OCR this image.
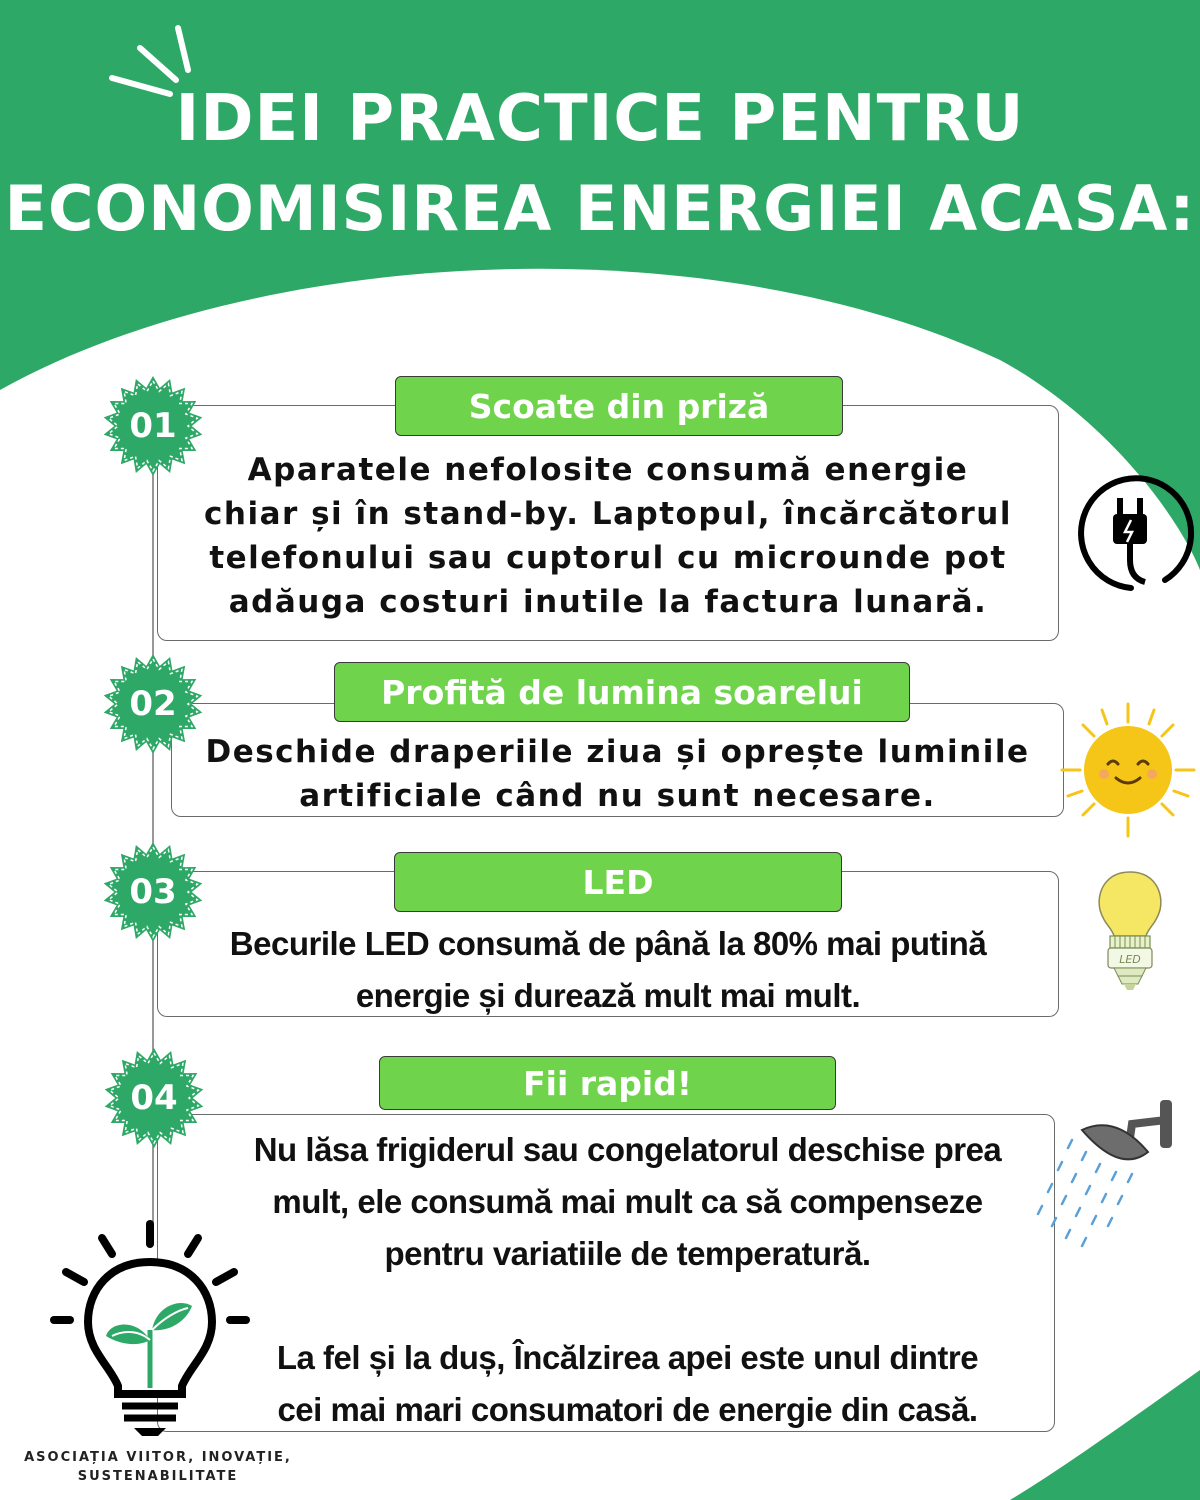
IDEI PRACTICE PENTRU
ECONOMISIREA ENERGIEI ACASA:
Scoate din priză
Aparatele nefolosite consumă energie
chiar și în stand-by. Laptopul, încărcătorul
telefonului sau cuptorul cu microunde pot
adăuga costuri inutile la factura lunară.
01
Profită de lumina soarelui
Deschide draperiile ziua și oprește luminile
artificiale când nu sunt necesare.
02
LED
Becurile LED consumă de până la 80% mai putină
energie și durează mult mai mult.
03
Fii rapid!
Nu lăsa frigiderul sau congelatorul deschise prea
mult, ele consumă mai mult ca să compenseze
pentru variatiile de temperatură.
La fel și la duș, Încălzirea apei este unul dintre
cei mai mari consumatori de energie din casă.
04
LED
ASOCIAȚIA VIITOR, INOVAȚIE,
SUSTENABILITATE
